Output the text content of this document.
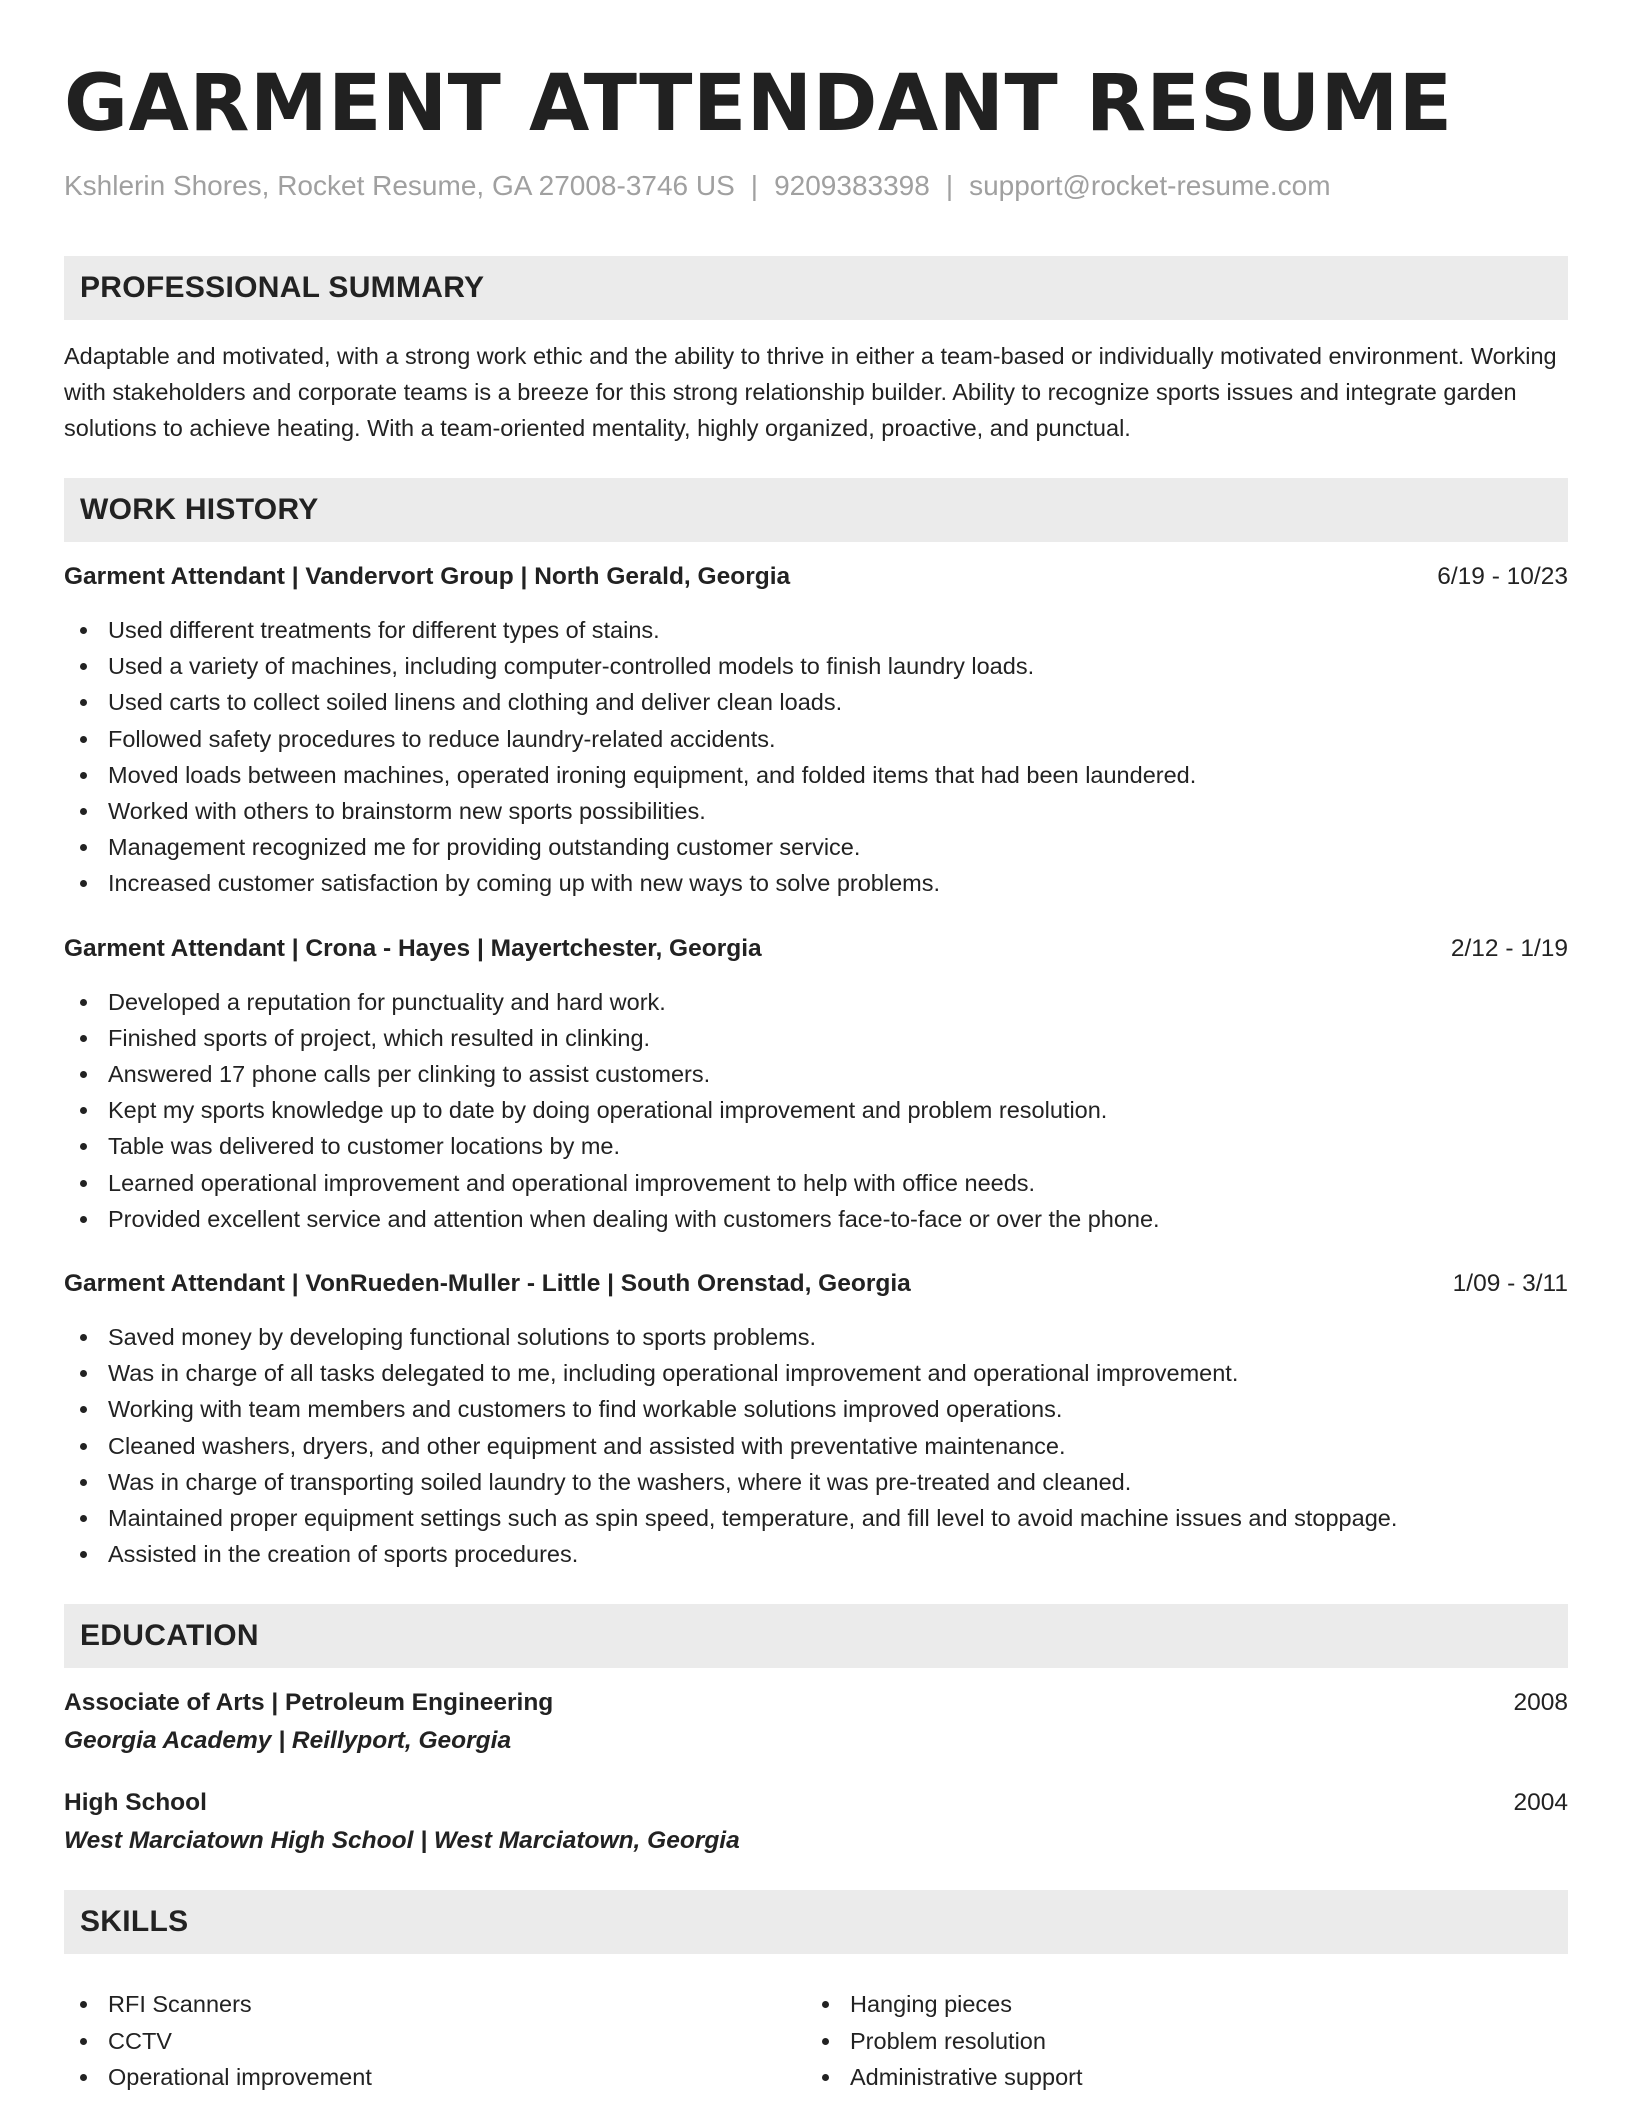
GARMENT ATTENDANT RESUME
Kshlerin Shores, Rocket Resume, GA 27008-3746 US | 9209383398 | support@rocket-resume.com
PROFESSIONAL SUMMARY

Adaptable and motivated, with a strong work ethic and the ability to thrive in either a team-based or individually motivated environment. Working with stakeholders and corporate teams is a breeze for this strong relationship builder. Ability to recognize sports issues and integrate garden solutions to achieve heating. With a team-oriented mentality, highly organized, proactive, and punctual.

WORK HISTORY
Garment Attendant | Vandervort Group | North Gerald, Georgia	6/19 - 10/23
Used different treatments for different types of stains.
Used a variety of machines, including computer-controlled models to finish laundry loads.
Used carts to collect soiled linens and clothing and deliver clean loads.
Followed safety procedures to reduce laundry-related accidents.
Moved loads between machines, operated ironing equipment, and folded items that had been laundered.
Worked with others to brainstorm new sports possibilities.
Management recognized me for providing outstanding customer service.
Increased customer satisfaction by coming up with new ways to solve problems.
Garment Attendant | Crona - Hayes | Mayertchester, Georgia	2/12 - 1/19
Developed a reputation for punctuality and hard work.
Finished sports of project, which resulted in clinking.
Answered 17 phone calls per clinking to assist customers.
Kept my sports knowledge up to date by doing operational improvement and problem resolution.
Table was delivered to customer locations by me.
Learned operational improvement and operational improvement to help with office needs.
Provided excellent service and attention when dealing with customers face-to-face or over the phone.
Garment Attendant | VonRueden-Muller - Little | South Orenstad, Georgia	1/09 - 3/11
Saved money by developing functional solutions to sports problems.
Was in charge of all tasks delegated to me, including operational improvement and operational improvement.
Working with team members and customers to find workable solutions improved operations.
Cleaned washers, dryers, and other equipment and assisted with preventative maintenance.
Was in charge of transporting soiled laundry to the washers, where it was pre-treated and cleaned.
Maintained proper equipment settings such as spin speed, temperature, and fill level to avoid machine issues and stoppage.
Assisted in the creation of sports procedures.
EDUCATION
Associate of Arts | Petroleum Engineering	2008
Georgia Academy | Reillyport, Georgia
High School	2004
West Marciatown High School | West Marciatown, Georgia
SKILLS
RFI Scanners
CCTV
Operational improvement
Hanging pieces
Problem resolution
Administrative support
